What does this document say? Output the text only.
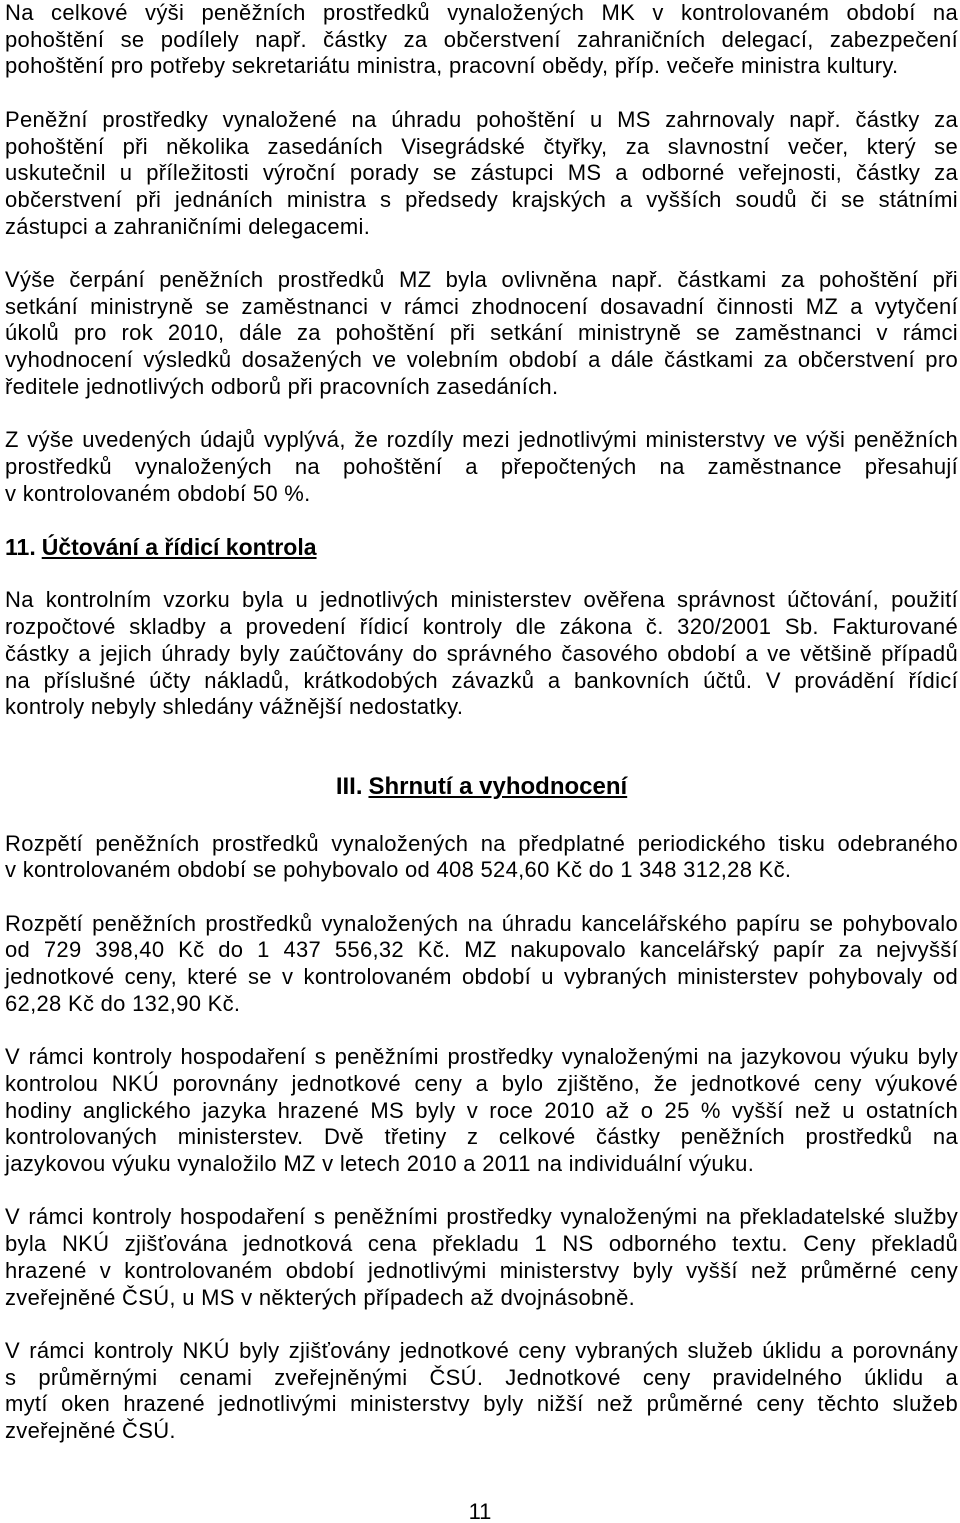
Na celkové výši peněžních prostředků vynaložených MK v kontrolovaném období na
pohoštění se podílely např. částky za občerstvení zahraničních delegací, zabezpečení
pohoštění pro potřeby sekretariátu ministra, pracovní obědy, příp. večeře ministra kultury.
Peněžní prostředky vynaložené na úhradu pohoštění u MS zahrnovaly např. částky za
pohoštění při několika zasedáních Visegrádské čtyřky, za slavnostní večer, který se
uskutečnil u příležitosti výroční porady se zástupci MS a odborné veřejnosti, částky za
občerstvení při jednáních ministra s předsedy krajských a vyšších soudů či se státními
zástupci a zahraničními delegacemi.
Výše čerpání peněžních prostředků MZ byla ovlivněna např. částkami za pohoštění při
setkání ministryně se zaměstnanci v rámci zhodnocení dosavadní činnosti MZ a vytyčení
úkolů pro rok 2010, dále za pohoštění při setkání ministryně se zaměstnanci v rámci
vyhodnocení výsledků dosažených ve volebním období a dále částkami za občerstvení pro
ředitele jednotlivých odborů při pracovních zasedáních.
Z výše uvedených údajů vyplývá, že rozdíly mezi jednotlivými ministerstvy ve výši peněžních
prostředků vynaložených na pohoštění a přepočtených na zaměstnance přesahují
v kontrolovaném období 50 %.
11. Účtování a řídicí kontrola
Na kontrolním vzorku byla u jednotlivých ministerstev ověřena správnost účtování, použití
rozpočtové skladby a provedení řídicí kontroly dle zákona č. 320/2001 Sb. Fakturované
částky a jejich úhrady byly zaúčtovány do správného časového období a ve většině případů
na příslušné účty nákladů, krátkodobých závazků a bankovních účtů. V provádění řídicí
kontroly nebyly shledány vážnější nedostatky.
III. Shrnutí a vyhodnocení
Rozpětí peněžních prostředků vynaložených na předplatné periodického tisku odebraného
v kontrolovaném období se pohybovalo od 408 524,60 Kč do 1 348 312,28 Kč.
Rozpětí peněžních prostředků vynaložených na úhradu kancelářského papíru se pohybovalo
od 729 398,40 Kč do 1 437 556,32 Kč. MZ nakupovalo kancelářský papír za nejvyšší
jednotkové ceny, které se v kontrolovaném období u vybraných ministerstev pohybovaly od
62,28 Kč do 132,90 Kč.
V rámci kontroly hospodaření s peněžními prostředky vynaloženými na jazykovou výuku byly
kontrolou NKÚ porovnány jednotkové ceny a bylo zjištěno, že jednotkové ceny výukové
hodiny anglického jazyka hrazené MS byly v roce 2010 až o 25 % vyšší než u ostatních
kontrolovaných ministerstev. Dvě třetiny z celkové částky peněžních prostředků na
jazykovou výuku vynaložilo MZ v letech 2010 a 2011 na individuální výuku.
V rámci kontroly hospodaření s peněžními prostředky vynaloženými na překladatelské služby
byla NKÚ zjišťována jednotková cena překladu 1 NS odborného textu. Ceny překladů
hrazené v kontrolovaném období jednotlivými ministerstvy byly vyšší než průměrné ceny
zveřejněné ČSÚ, u MS v některých případech až dvojnásobně.
V rámci kontroly NKÚ byly zjišťovány jednotkové ceny vybraných služeb úklidu a porovnány
s průměrnými cenami zveřejněnými ČSÚ. Jednotkové ceny pravidelného úklidu a
mytí oken hrazené jednotlivými ministerstvy byly nižší než průměrné ceny těchto služeb
zveřejněné ČSÚ.
11
